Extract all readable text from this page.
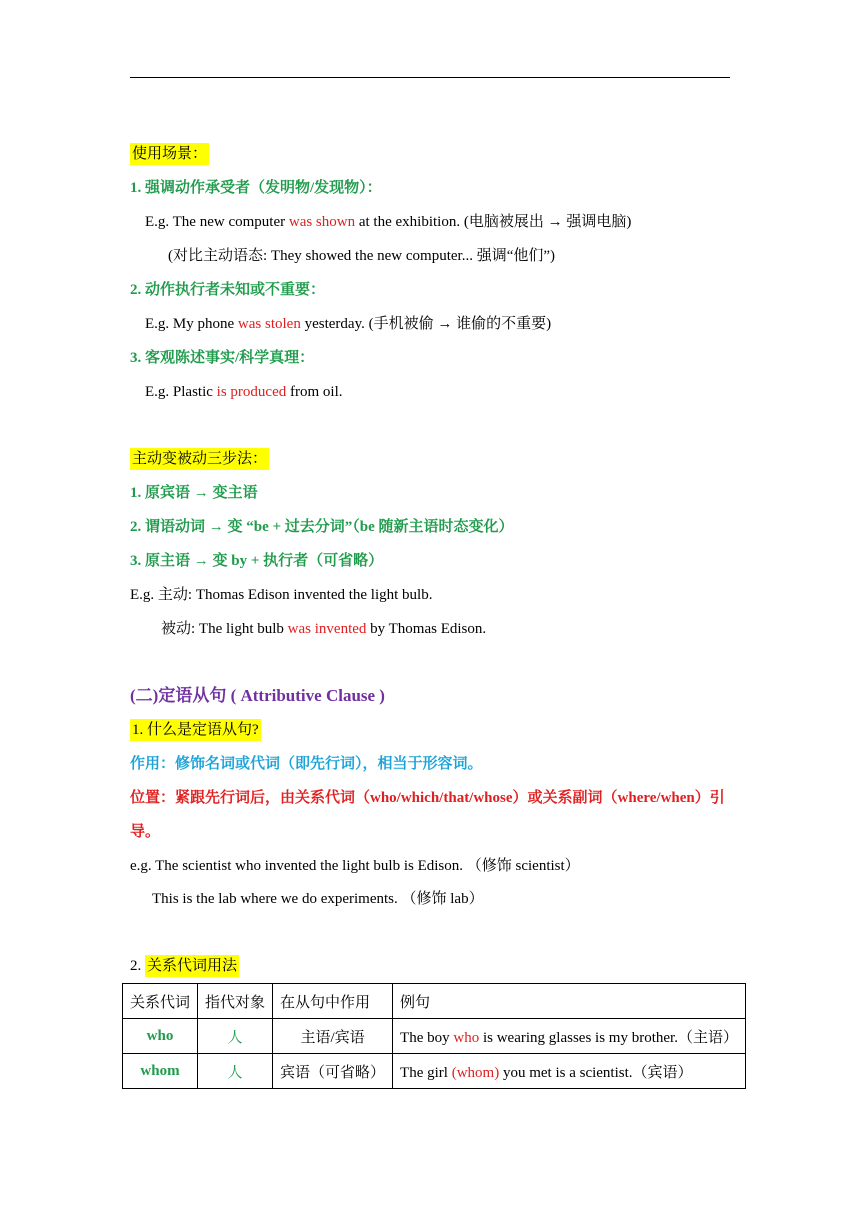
使用场景：
1. 强调动作承受者（发明物/发现物）：
E.g. The new computer was shown at the exhibition. (电脑被展出 → 强调电脑)
(对比主动语态: They showed the new computer... 强调“他们”)
2. 动作执行者未知或不重要：
E.g. My phone was stolen yesterday. (手机被偷 → 谁偷的不重要)
3. 客观陈述事实/科学真理：
E.g. Plastic is produced from oil.
主动变被动三步法：
1. 原宾语 → 变主语
2. 谓语动词 → 变 “be + 过去分词”（be 随新主语时态变化）
3. 原主语 → 变 by + 执行者（可省略）
E.g. 主动: Thomas Edison invented the light bulb.
被动: The light bulb was invented by Thomas Edison.
(二)定语从句 ( Attributive Clause )
1. 什么是定语从句?
作用：修饰名词或代词（即先行词），相当于形容词。
位置：紧跟先行词后，由关系代词（who/which/that/whose）或关系副词（where/when）引
导。
e.g. The scientist who invented the light bulb is Edison. （修饰 scientist）
This is the lab where we do experiments. （修饰 lab）
2. 关系代词用法
关系代词	指代对象	在从句中作用	例句
who	人	主语/宾语	The boy who is wearing glasses is my brother.（主语）
whom	人	宾语（可省略）	The girl (whom) you met is a scientist.（宾语）
